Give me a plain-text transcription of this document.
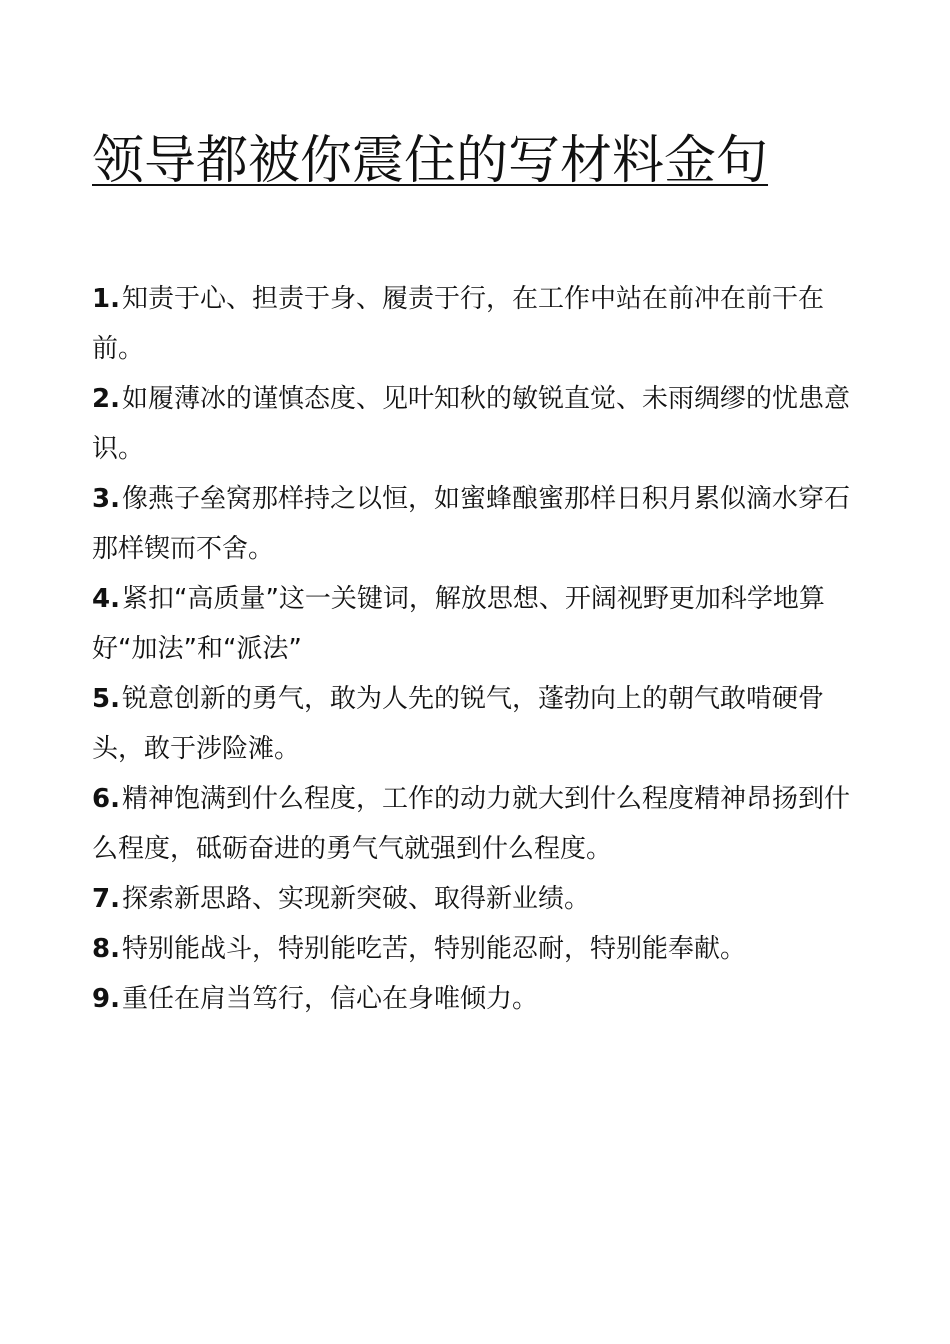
领导都被你震住的写材料金句
1.知责于心、担责于身、履责于行，在工作中站在前冲在前干在前。
2.如履薄冰的谨慎态度、见叶知秋的敏锐直觉、未雨绸缪的忧患意识。
3.像燕子垒窝那样持之以恒，如蜜蜂酿蜜那样日积月累似滴水穿石那样锲而不舍。
4.紧扣“高质量”这一关键词，解放思想、开阔视野更加科学地算好“加法”和“派法”
5.锐意创新的勇气，敢为人先的锐气，蓬勃向上的朝气敢啃硬骨头，敢于涉险滩。
6.精神饱满到什么程度，工作的动力就大到什么程度精神昂扬到什么程度，砥砺奋进的勇气气就强到什么程度。
7.探索新思路、实现新突破、取得新业绩。
8.特别能战斗，特别能吃苦，特别能忍耐，特别能奉献。
9.重任在肩当笃行，信心在身唯倾力。
